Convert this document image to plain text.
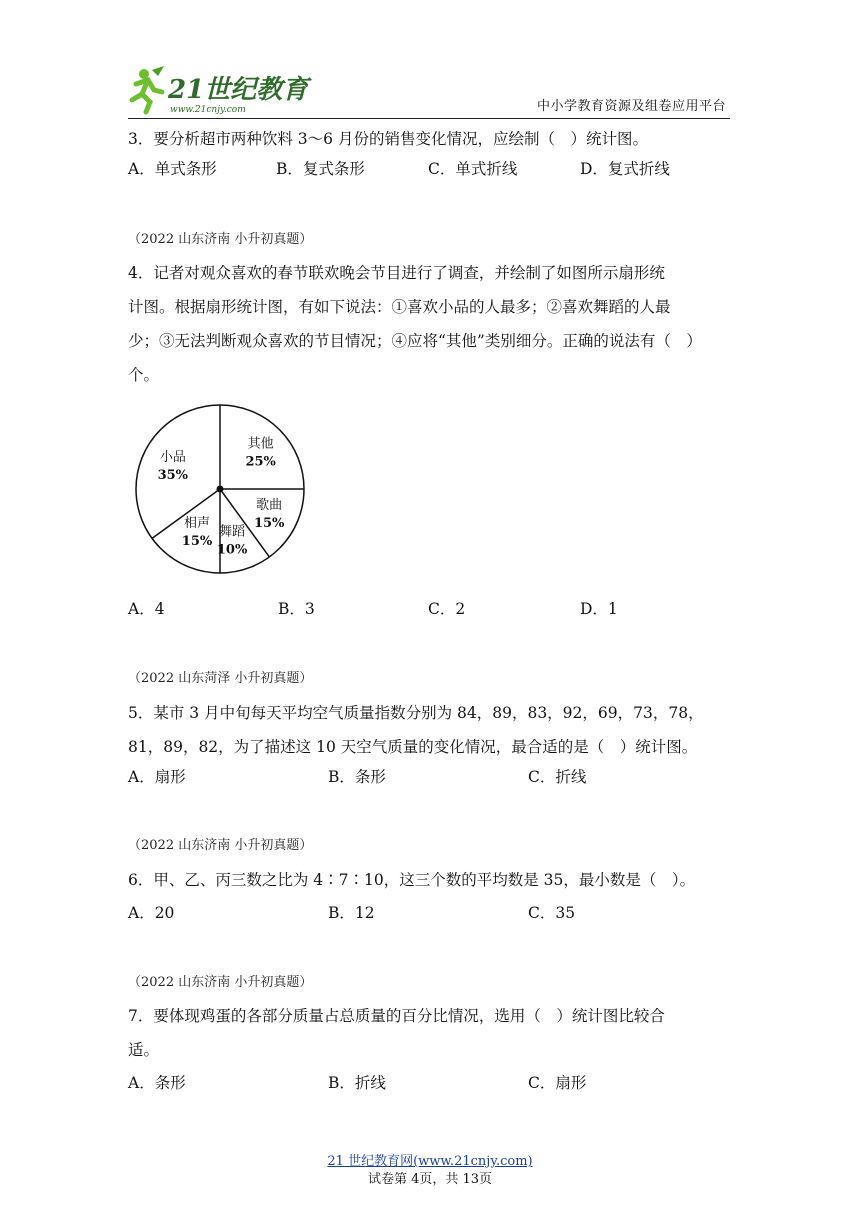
21世纪教育
www.21cnjy.com	中小学教育资源及组卷应用平台
3．要分析超市两种饮料 3～6 月份的销售变化情况，应绘制（　）统计图。
A．单式条形	B．复式条形	C．单式折线	D．复式折线
（2022 山东济南 小升初真题）
4．记者对观众喜欢的春节联欢晚会节目进行了调查，并绘制了如图所示扇形统
计图。根据扇形统计图，有如下说法：①喜欢小品的人最多；②喜欢舞蹈的人最
少；③无法判断观众喜欢的节目情况；④应将“其他”类别细分。正确的说法有（　）
个。
其他
25%
歌曲
15%
舞蹈
10%
相声
15%
小品
35%
A．4	B．3	C．2	D．1
（2022 山东菏泽 小升初真题）
5．某市 3 月中旬每天平均空气质量指数分别为 84，89，83，92，69，73，78，
81，89，82，为了描述这 10 天空气质量的变化情况，最合适的是（　）统计图。
A．扇形	B．条形	C．折线
（2022 山东济南 小升初真题）
6．甲、乙、丙三数之比为 4∶7∶10，这三个数的平均数是 35，最小数是（　）。
A．20	B．12	C．35
（2022 山东济南 小升初真题）
7．要体现鸡蛋的各部分质量占总质量的百分比情况，选用（　）统计图比较合
适。
A．条形	B．折线	C．扇形
21 世纪教育网(www.21cnjy.com)
试卷第 4页，共 13页
